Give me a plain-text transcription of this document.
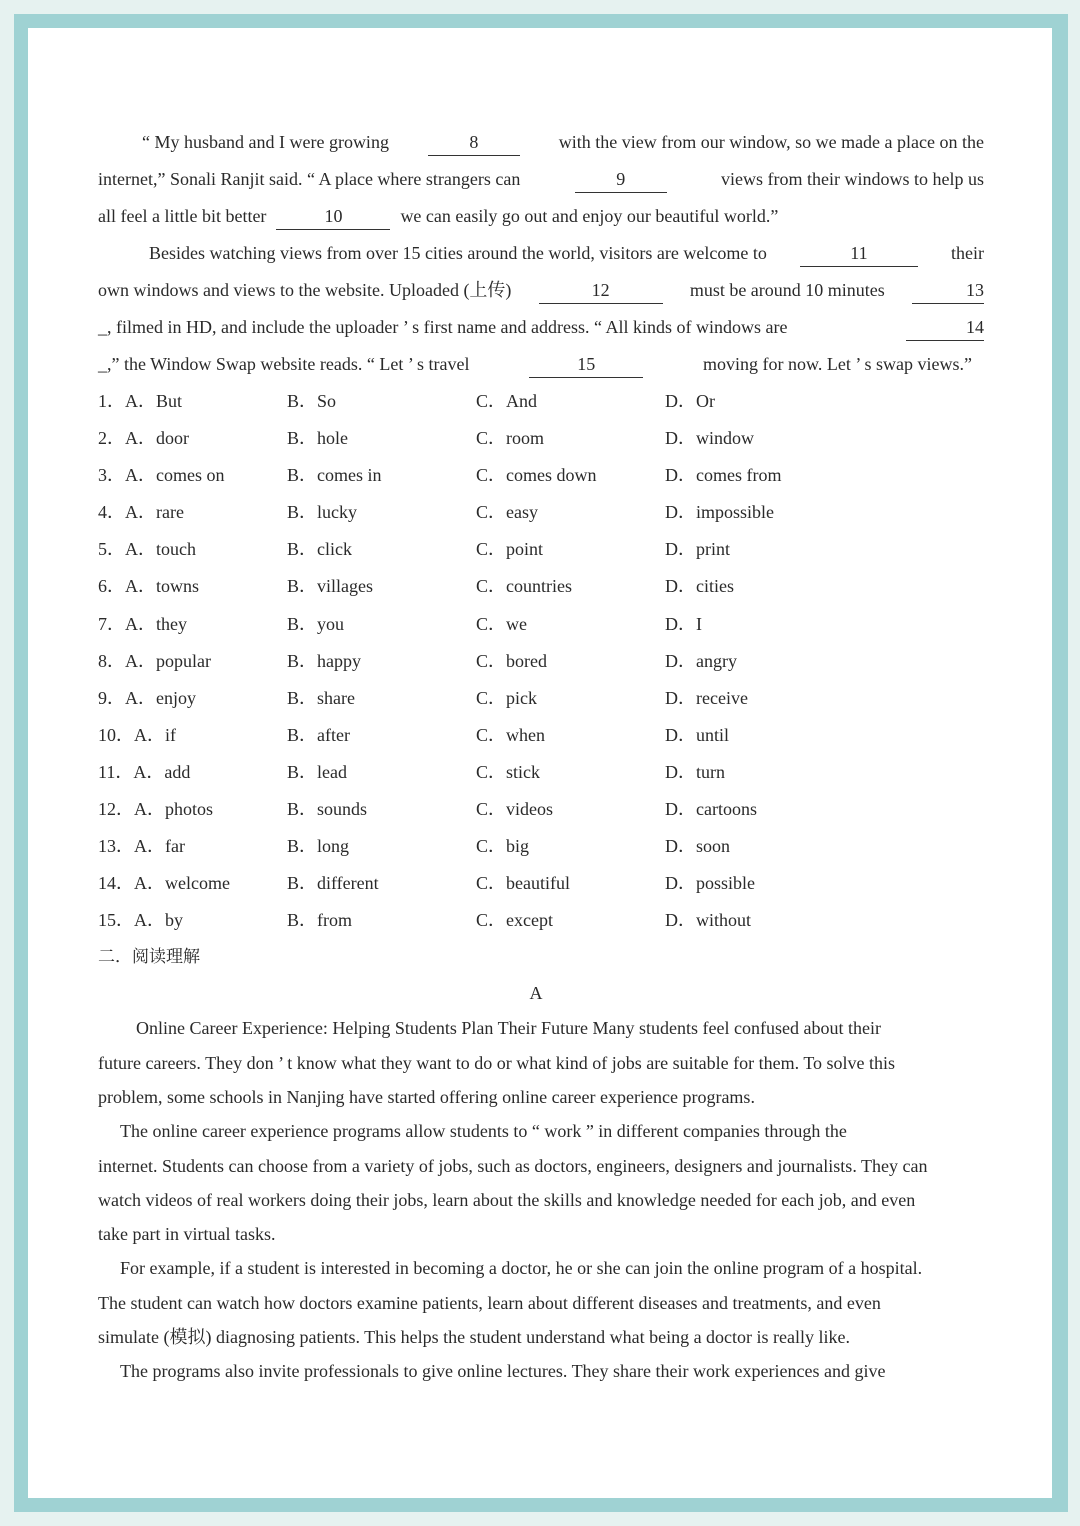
“ My husband and I were growing	8	with the view from our window, so we made a place on the
internet,” Sonali Ranjit said. “ A place where strangers can	9	views from their windows to help us
all feel a little bit better	10	we can easily go out and enjoy our beautiful world.”
Besides watching views from over 15 cities around the world, visitors are welcome to	11	their
own windows and views to the website. Uploaded (上传)	12	must be around 10 minutes	13
_, filmed in HD, and include the uploader ’ s first name and address. “ All kinds of windows are	14
_,” the Window Swap website reads. “ Let ’ s travel	15	moving for now. Let ’ s swap views.”
1．A．But	B．So	C．And	D．Or
2．A．door	B．hole	C．room	D．window
3．A．comes on	B．comes in	C．comes down	D．comes from
4．A．rare	B．lucky	C．easy	D．impossible
5．A．touch	B．click	C．point	D．print
6．A．towns	B．villages	C．countries	D．cities
7．A．they	B．you	C．we	D．I
8．A．popular	B．happy	C．bored	D．angry
9．A．enjoy	B．share	C．pick	D．receive
10．A．if	B．after	C．when	D．until
11．A．add	B．lead	C．stick	D．turn
12．A．photos	B．sounds	C．videos	D．cartoons
13．A．far	B．long	C．big	D．soon
14．A．welcome	B．different	C．beautiful	D．possible
15．A．by	B．from	C．except	D．without
二．阅读理解
A

Online Career Experience: Helping Students Plan Their Future Many students feel confused about their

future careers. They don ’ t know what they want to do or what kind of jobs are suitable for them. To solve this

problem, some schools in Nanjing have started offering online career experience programs.

The online career experience programs allow students to “ work ” in different companies through the

internet. Students can choose from a variety of jobs, such as doctors, engineers, designers and journalists. They can

watch videos of real workers doing their jobs, learn about the skills and knowledge needed for each job, and even

take part in virtual tasks.

For example, if a student is interested in becoming a doctor, he or she can join the online program of a hospital.

The student can watch how doctors examine patients, learn about different diseases and treatments, and even

simulate (模拟) diagnosing patients. This helps the student understand what being a doctor is really like.

The programs also invite professionals to give online lectures. They share their work experiences and give
